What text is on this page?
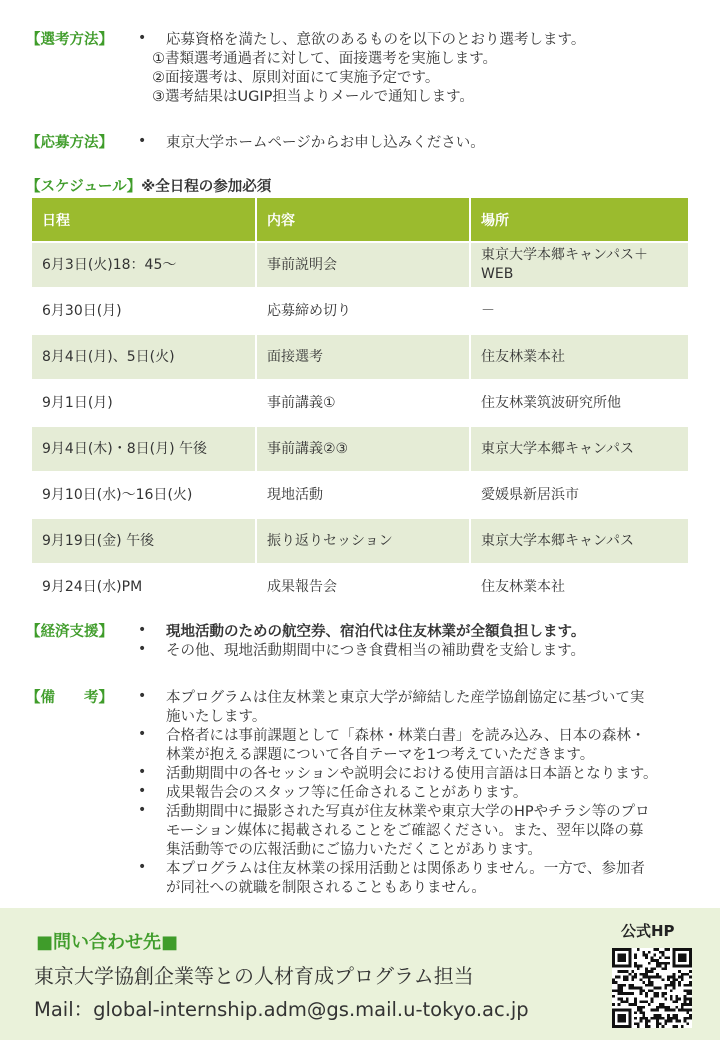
【選考方法】 • 応募資格を満たし、意欲のあるものを以下のとおり選考します。
①書類選考通過者に対して、面接選考を実施します。
②面接選考は、原則対面にて実施予定です。
③選考結果はUGIP担当よりメールで通知します。
【応募方法】 • 東京大学ホームページからお申し込みください。
【スケジュール】※全日程の参加必須
日程	内容	場所
6月3日(火)18：45～	事前説明会	東京大学本郷キャンパス＋
WEB
6月30日(月)	応募締め切り	－
8月4日(月)、5日(火)	面接選考	住友林業本社
9月1日(月)	事前講義①	住友林業筑波研究所他
9月4日(木)・8日(月) 午後	事前講義②③	東京大学本郷キャンパス
9月10日(水)～16日(火)	現地活動	愛媛県新居浜市
9月19日(金) 午後	振り返りセッション	東京大学本郷キャンパス
9月24日(水)PM	成果報告会	住友林業本社
【経済支援】 • 現地活動のための航空券、宿泊代は住友林業が全額負担します。
• その他、現地活動期間中につき食費相当の補助費を支給します。
【備　　考】 • 本プログラムは住友林業と東京大学が締結した産学協創協定に基づいて実
施いたします。
• 合格者には事前課題として「森林・林業白書」を読み込み、日本の森林・
林業が抱える課題について各自テーマを1つ考えていただきます。
• 活動期間中の各セッションや説明会における使用言語は日本語となります。
• 成果報告会のスタッフ等に任命されることがあります。
• 活動期間中に撮影された写真が住友林業や東京大学のHPやチラシ等のプロ
モーション媒体に掲載されることをご確認ください。また、翌年以降の募
集活動等での広報活動にご協力いただくことがあります。
• 本プログラムは住友林業の採用活動とは関係ありません。一方で、参加者
が同社への就職を制限されることもありません。
■問い合わせ先■
東京大学協創企業等との人材育成プログラム担当
Mail：global-internship.adm@gs.mail.u-tokyo.ac.jp
公式HP
